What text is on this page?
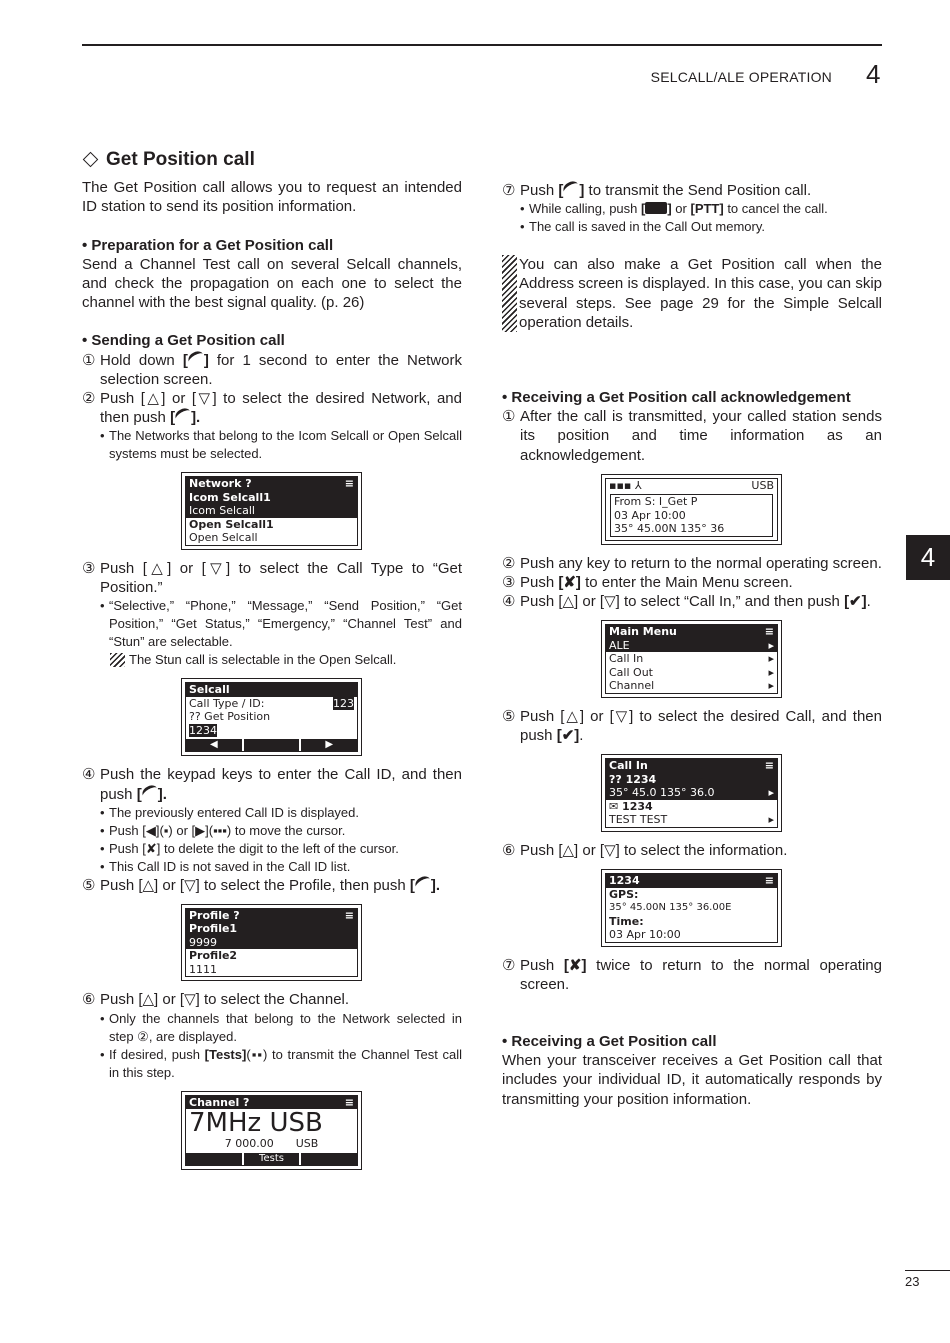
SELCALL/ALE OPERATION 4
4
23
Get Position call

The Get Position call allows you to request an intended ID station to send its position information.

• Preparation for a Get Position call

Send a Channel Test call on several Selcall channels, and check the propagation on each one to select the channel with the best signal quality. (p. 26)

• Sending a Get Position call

① Hold down [ ] for 1 second to enter the Network selection screen.
② Push [△] or [▽] to select the desired Network, and then push [ ].
• The Networks that belong to the Icom Selcall or Open Selcall systems must be selected.
Network ?	≡
Icom Selcall1
Icom Selcall
Open Selcall1
Open Selcall
③ Push [△] or [▽] to select the Call Type to “Get Position.”
• “Selective,” “Phone,” “Message,” “Send Position,” “Get Position,” “Get Status,” “Emergency,” “Channel Test” and “Stun” are selectable.
The Stun call is selectable in the Open Selcall.
Selcall
Call Type / ID:	123
?? Get Position
1234
◀	▶
④ Push the keypad keys to enter the Call ID, and then push [ ].
• The previously entered Call ID is displayed.
• Push [◀](▪) or [▶](▪▪▪) to move the cursor.
• Push [✘] to delete the digit to the left of the cursor.
• This Call ID is not saved in the Call ID list.
⑤ Push [△] or [▽] to select the Profile, then push [ ].
Profile ?	≡
Profile1
9999
Profile2
1111
⑥ Push [△] or [▽] to select the Channel.
• Only the channels that belong to the Network selected in step ②, are displayed.
• If desired, push [Tests](▪▪) to transmit the Channel Test call in this step.
Channel ?	≡
7MHz USB
7 000.00 USB
Tests
⑦ Push [ ] to transmit the Send Position call.
• While calling, push [ ] or [PTT] to cancel the call.
• The call is saved in the Call Out memory.
You can also make a Get Position call when the Address screen is displayed. In this case, you can skip several steps. See page 29 for the Simple Selcall operation details.

• Receiving a Get Position call acknowledgement

① After the call is transmitted, your called station sends its position and time information as an acknowledgement.
▪▪▪ ⅄	USB
From S: I_Get P
03 Apr 10:00
35° 45.00N 135° 36
② Push any key to return to the normal operating screen.
③ Push [✘] to enter the Main Menu screen.
④ Push [△] or [▽] to select “Call In,” and then push [✔].
Main Menu	≡
ALE	▸
Call In	▸
Call Out	▸
Channel	▸
⑤ Push [△] or [▽] to select the desired Call, and then push [✔].
Call In	≡
?? 1234
35° 45.0 135° 36.0	▸
✉ 1234
TEST TEST	▸
⑥ Push [△] or [▽] to select the information.
1234	≡
GPS:
35° 45.00N 135° 36.00E
Time:
03 Apr 10:00
⑦ Push [✘] twice to return to the normal operating screen.

• Receiving a Get Position call

When your transceiver receives a Get Position call that includes your individual ID, it automatically responds by transmitting your position information.
